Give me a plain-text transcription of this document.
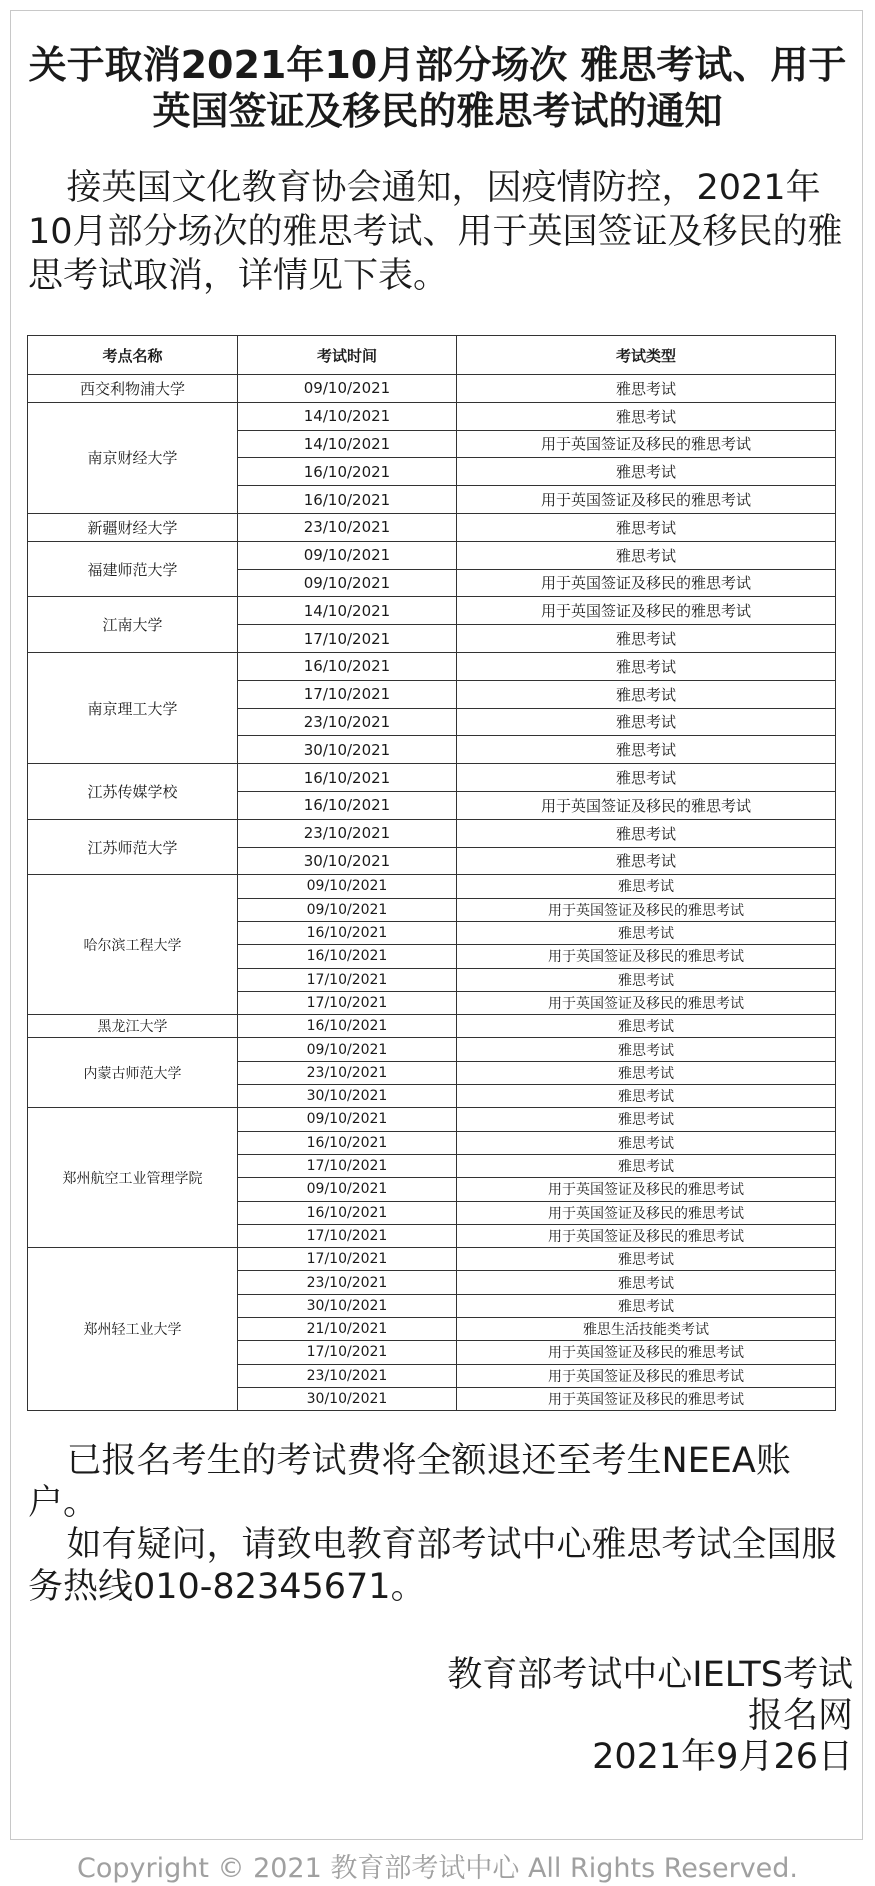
关于取消2021年10月部分场次 雅思考试、用于英国签证及移民的雅思考试的通知

接英国文化教育协会通知，因疫情防控，2021年10月部分场次的雅思考试、用于英国签证及移民的雅思考试取消，详情见下表。

考点名称	考试时间	考试类型
西交利物浦大学	09/10/2021	雅思考试
南京财经大学	14/10/2021	雅思考试
	14/10/2021	用于英国签证及移民的雅思考试
	16/10/2021	雅思考试
	16/10/2021	用于英国签证及移民的雅思考试
新疆财经大学	23/10/2021	雅思考试
福建师范大学	09/10/2021	雅思考试
	09/10/2021	用于英国签证及移民的雅思考试
江南大学	14/10/2021	用于英国签证及移民的雅思考试
	17/10/2021	雅思考试
南京理工大学	16/10/2021	雅思考试
	17/10/2021	雅思考试
	23/10/2021	雅思考试
	30/10/2021	雅思考试
江苏传媒学校	16/10/2021	雅思考试
	16/10/2021	用于英国签证及移民的雅思考试
江苏师范大学	23/10/2021	雅思考试
	30/10/2021	雅思考试
哈尔滨工程大学	09/10/2021	雅思考试
	09/10/2021	用于英国签证及移民的雅思考试
	16/10/2021	雅思考试
	16/10/2021	用于英国签证及移民的雅思考试
	17/10/2021	雅思考试
	17/10/2021	用于英国签证及移民的雅思考试
黑龙江大学	16/10/2021	雅思考试
内蒙古师范大学	09/10/2021	雅思考试
	23/10/2021	雅思考试
	30/10/2021	雅思考试
郑州航空工业管理学院	09/10/2021	雅思考试
	16/10/2021	雅思考试
	17/10/2021	雅思考试
	09/10/2021	用于英国签证及移民的雅思考试
	16/10/2021	用于英国签证及移民的雅思考试
	17/10/2021	用于英国签证及移民的雅思考试
郑州轻工业大学	17/10/2021	雅思考试
	23/10/2021	雅思考试
	30/10/2021	雅思考试
	21/10/2021	雅思生活技能类考试
	17/10/2021	用于英国签证及移民的雅思考试
	23/10/2021	用于英国签证及移民的雅思考试
	30/10/2021	用于英国签证及移民的雅思考试

已报名考生的考试费将全额退还至考生NEEA账户。

如有疑问，请致电教育部考试中心雅思考试全国服务热线010-82345671。

教育部考试中心IELTS考试
报名网
2021年9月26日
Copyright © 2021 教育部考试中心 All Rights Reserved.
